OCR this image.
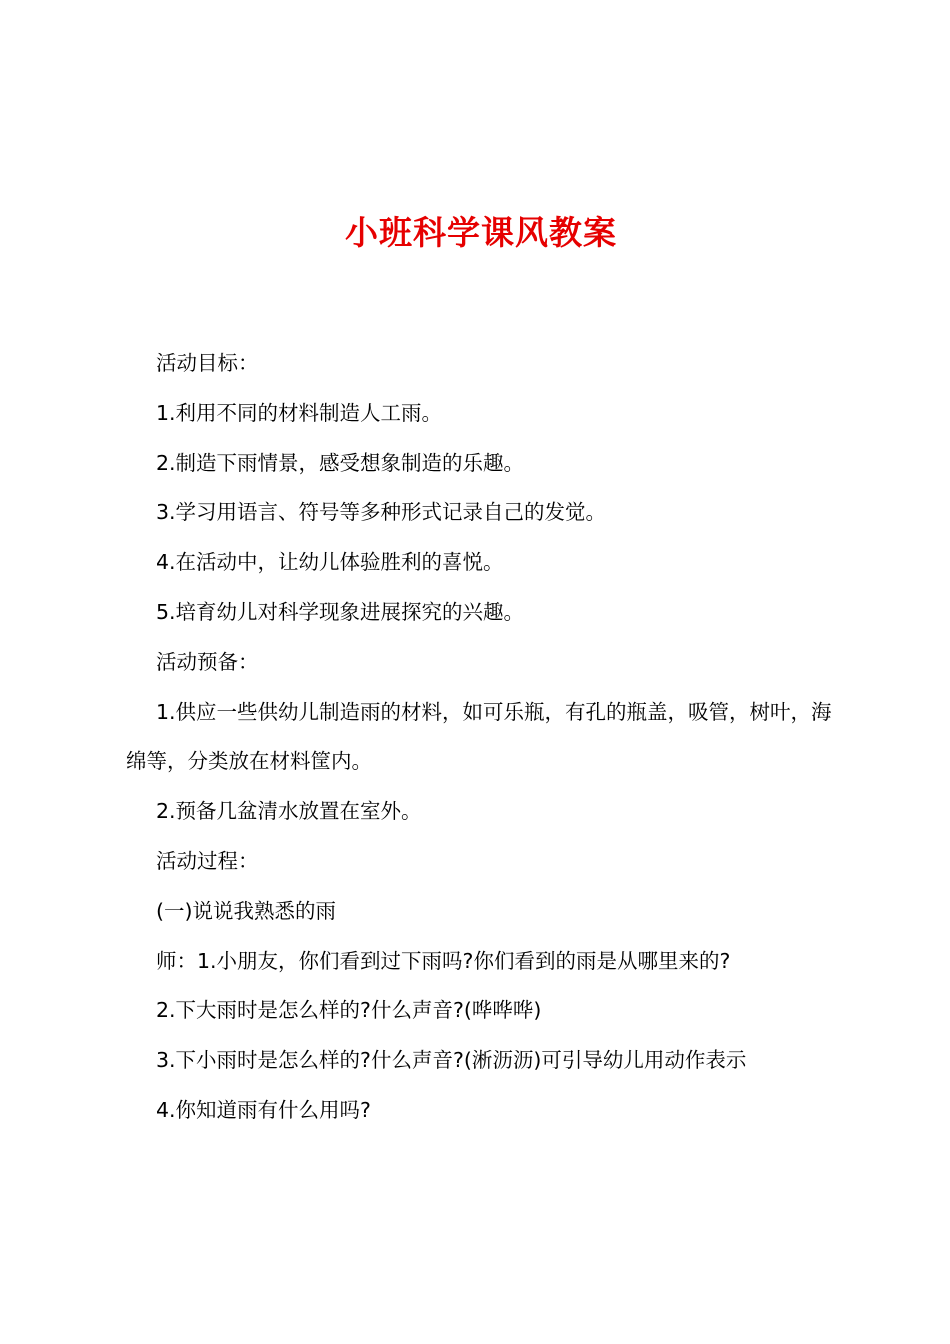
小班科学课风教案

活动目标：

1.利用不同的材料制造人工雨。

2.制造下雨情景，感受想象制造的乐趣。

3.学习用语言、符号等多种形式记录自己的发觉。

4.在活动中，让幼儿体验胜利的喜悦。

5.培育幼儿对科学现象进展探究的兴趣。

活动预备：

1.供应一些供幼儿制造雨的材料，如可乐瓶，有孔的瓶盖，吸管，树叶，海绵等，分类放在材料筐内。

2.预备几盆清水放置在室外。

活动过程：

(一)说说我熟悉的雨

师：1.小朋友，你们看到过下雨吗?你们看到的雨是从哪里来的?

2.下大雨时是怎么样的?什么声音?(哗哗哗)

3.下小雨时是怎么样的?什么声音?(淅沥沥)可引导幼儿用动作表示

4.你知道雨有什么用吗?
